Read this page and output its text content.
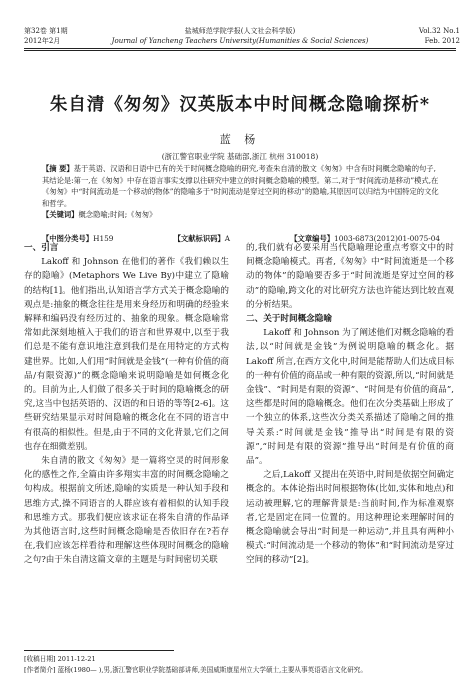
第32卷 第1期
2012年2月
盐城师范学院学报(人文社会科学版)
Journal of Yancheng Teachers University(Humanities & Social Sciences)
Vol.32 No.1
Feb. 2012
朱自清《匆匆》汉英版本中时间概念隐喻探析*
蓝 杨
(浙江警官职业学院 基础部,浙江 杭州 310018)

【摘 要】基于英语、汉语和日语中已有的关于时间概念隐喻的研究,考查朱自清的散文《匆匆》中含有时间概念隐喻的句子,其结论是:第一,在《匆匆》中存在语言事实支撑以往研究中建立的时间概念隐喻的模型。第二,对于“时间流动是移动”模式,在《匆匆》中“时间流动是一个移动的物体”的隐喻多于“时间流动是穿过空间的移动”的隐喻,其原因可以归结为中国特定的文化和哲学。

【关键词】概念隐喻;时间;《匆匆》

【中图分类号】H159	【文献标识码】A	【文章编号】1003-6873(2012)01-0075-04

一、引言

Lakoff 和 Johnson 在他们的著作《我们赖以生存的隐喻》(Metaphors We Live By)中建立了隐喻的结构[1]。他们指出,认知语言学方式关于概念隐喻的观点是:抽象的概念往往是用来身经历和明确的经验来解释和编码没有经历过的、抽象的现象。概念隐喻常常如此深刻地植入于我们的语言和世界观中,以至于我们总是不能有意识地注意到我们是在用特定的方式构建世界。比如,人们用“时间就是金钱”(一种有价值的商品/有限资源)”的概念隐喻来说明隐喻是如何概念化的。目前为止,人们做了很多关于时间的隐喻概念的研究,这当中包括英语的、汉语的和日语的等等[2-6]。这些研究结果显示对时间隐喻的概念化在不同的语言中有很高的相似性。但是,由于不同的文化背景,它们之间也存在细微差别。

朱自清的散文《匆匆》是一篇将空灵的时间形象化的感性之作,全篇由许多翔实丰富的时间概念隐喻之句构成。根据前文所述,隐喻的实质是一种认知手段和思维方式,操不同语言的人群应该有着相似的认知手段和思维方式。那我们便应该求证在将朱自清的作品译为其他语言时,这些时间概念隐喻是否依旧存在?若存在,我们应该怎样看待和理解这些体现时间概念的隐喻之句?由于朱自清这篇文章的主题是与时间密切关联

的,我们就有必要采用当代隐喻理论重点考察文中的时间概念隐喻模式。再者,《匆匆》中“时间流逝是一个移动的物体”的隐喻要否多于“时间流逝是穿过空间的移动”的隐喻,跨文化的对比研究方法也许能达到比较直观的分析结果。

二、关于时间概念隐喻

Lakoff 和 Johnson 为了阐述他们对概念隐喻的看法,以“时间就是金钱”为例说明隐喻的概念化。据 Lakoff 所言,在西方文化中,时间是能帮助人们达成目标的一种有价值的商品或一种有限的资源,所以,“时间就是金钱”、“时间是有限的资源”、“时间是有价值的商品”,这些都是时间的隐喻概念。他们在次分类基础上形成了一个独立的体系,这些次分类关系描述了隐喻之间的推导关系:“时间就是金钱”推导出“时间是有限的资源”,“时间是有限的资源”推导出“时间是有价值的商品”。

之后,Lakoff 又提出在英语中,时间是依据空间确定概念的。本体论指出时间根据物体(比如,实体和地点)和运动被理解,它的理解背景是:当前时间,作为标准观察者,它是固定在同一位置的。用这种理论来理解时间的概念隐喻就会导出“时间是一种运动”,并且具有两种小模式:“时间流动是一个移动的物体”和“时间流动是穿过空间的移动”[2]。

[收稿日期] 2011-12-21

[作者简介] 蓝杨(1980— ),男,浙江警官职业学院基础部讲师,美国威斯康星州立大学硕士,主要从事英语语言文化研究。
